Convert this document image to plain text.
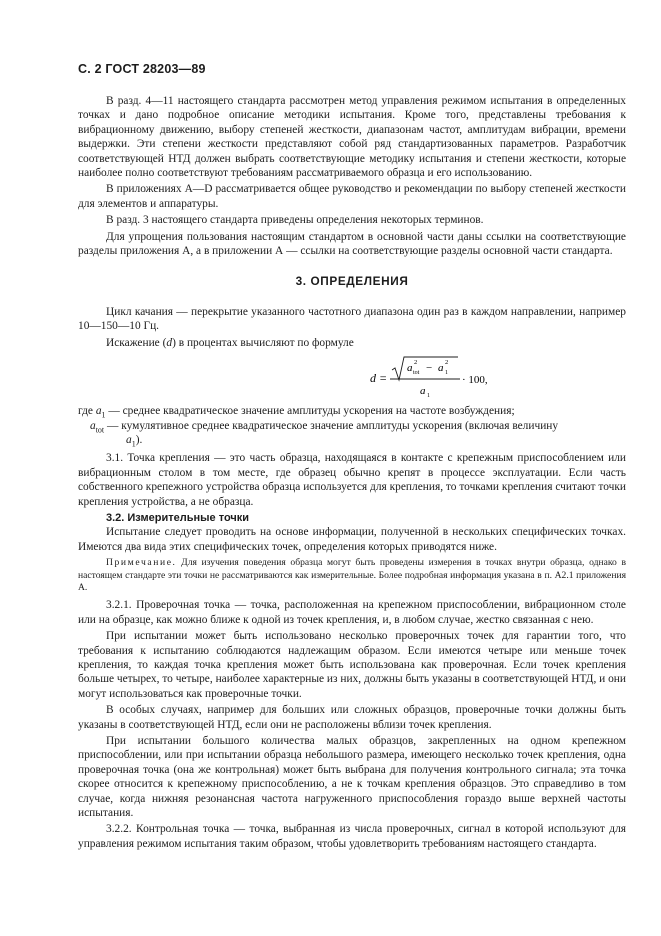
С. 2 ГОСТ 28203—89

В разд. 4—11 настоящего стандарта рассмотрен метод управления режимом испытания в определенных точках и дано подробное описание методики испытания. Кроме того, представлены требования к вибрационному движению, выбору степеней жесткости, диапазонам частот, амплитудам вибрации, времени выдержки. Эти степени жесткости представляют собой ряд стандартизованных параметров. Разработчик соответствующей НТД должен выбрать соответствующие методику испытания и степени жесткости, которые наиболее полно соответствуют требованиям рассматриваемого образца и его использованию.

В приложениях A—D рассматривается общее руководство и рекомендации по выбору степеней жесткости для элементов и аппаратуры.

В разд. 3 настоящего стандарта приведены определения некоторых терминов.

Для упрощения пользования настоящим стандартом в основной части даны ссылки на соответствующие разделы приложения А, а в приложении А — ссылки на соответствующие разделы основной части стандарта.

3. ОПРЕДЕЛЕНИЯ

Цикл качания — перекрытие указанного частотного диапазона один раз в каждом направлении, например 10—150—10 Гц.

Искажение (d) в процентах вычисляют по формуле

d =
a 2
tot − a 2
1
a 1
· 100,

где $a_1$ — среднее квадратическое значение амплитуды ускорения на частоте возбуждения;

$a_{tot}$ — кумулятивное среднее квадратическое значение амплитуды ускорения (включая величину

$a_1$).

3.1. Точка крепления — это часть образца, находящаяся в контакте с крепежным приспособлением или вибрационным столом в том месте, где образец обычно крепят в процессе эксплуатации. Если часть собственного крепежного устройства образца используется для крепления, то точками крепления считают точки крепления устройства, а не образца.

3.2. Измерительные точки

Испытание следует проводить на основе информации, полученной в нескольких специфических точках. Имеются два вида этих специфических точек, определения которых приводятся ниже.

Примечание. Для изучения поведения образца могут быть проведены измерения в точках внутри образца, однако в настоящем стандарте эти точки не рассматриваются как измерительные. Более подробная информация указана в п. А2.1 приложения А.

3.2.1. Проверочная точка — точка, расположенная на крепежном приспособлении, вибрационном столе или на образце, как можно ближе к одной из точек крепления, и, в любом случае, жестко связанная с нею.

При испытании может быть использовано несколько проверочных точек для гарантии того, что требования к испытанию соблюдаются надлежащим образом. Если имеются четыре или меньше точек крепления, то каждая точка крепления может быть использована как проверочная. Если точек крепления больше четырех, то четыре, наиболее характерные из них, должны быть указаны в соответствующей НТД, и они могут использоваться как проверочные точки.

В особых случаях, например для больших или сложных образцов, проверочные точки должны быть указаны в соответствующей НТД, если они не расположены вблизи точек крепления.

При испытании большого количества малых образцов, закрепленных на одном крепежном приспособлении, или при испытании образца небольшого размера, имеющего несколько точек крепления, одна проверочная точка (она же контрольная) может быть выбрана для получения контрольного сигнала; эта точка скорее относится к крепежному приспособлению, а не к точкам крепления образцов. Это справедливо в том случае, когда нижняя резонансная частота нагруженного приспособления гораздо выше верхней частоты испытания.

3.2.2. Контрольная точка — точка, выбранная из числа проверочных, сигнал в которой используют для управления режимом испытания таким образом, чтобы удовлетворить требованиям настоящего стандарта.
